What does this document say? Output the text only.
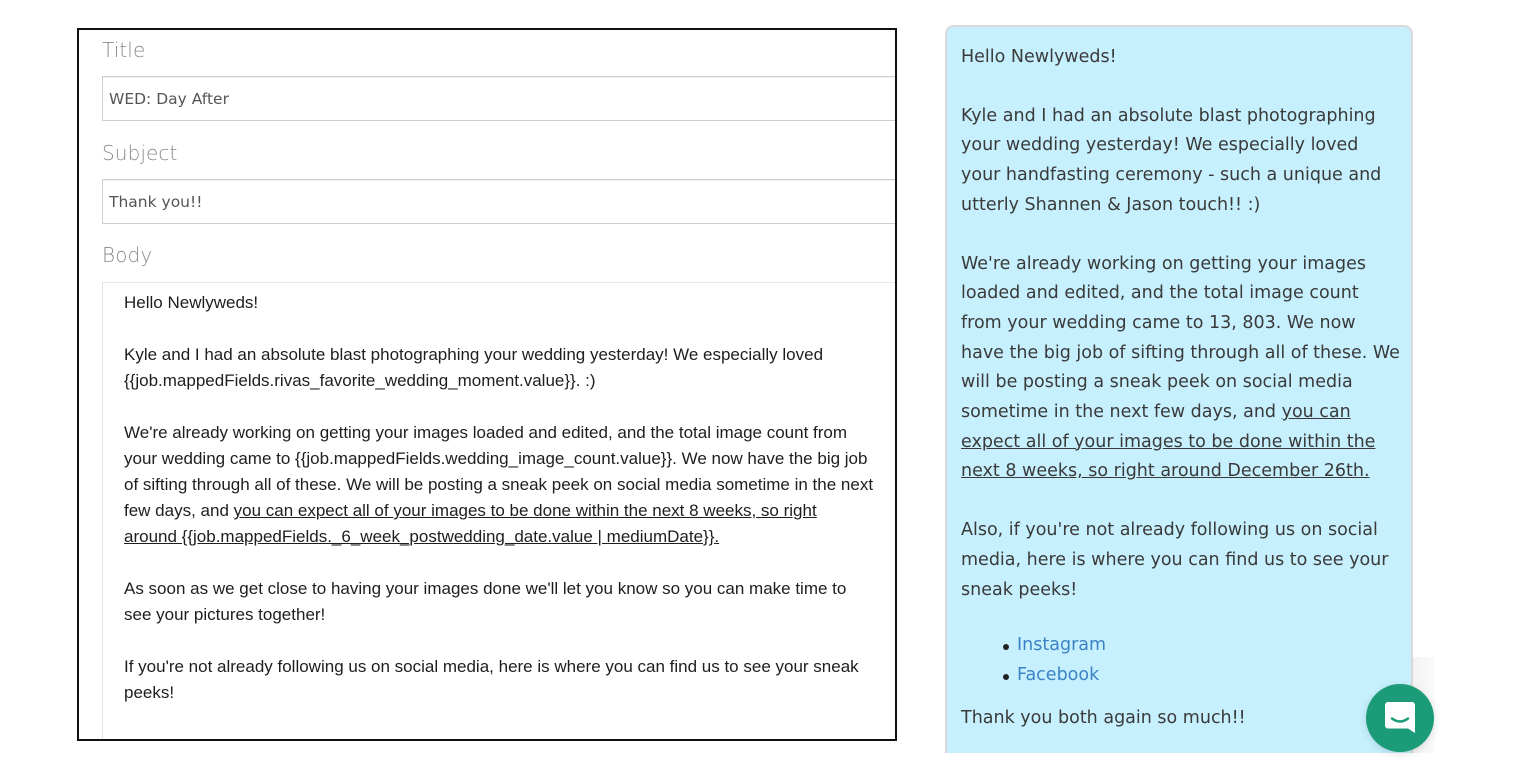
Title
WED: Day After
Subject
Thank you!!
Body

Hello Newlyweds!

Kyle and I had an absolute blast photographing your wedding yesterday! We especially loved {{job.mappedFields.rivas_favorite_wedding_moment.value}}. :)

We're already working on getting your images loaded and edited, and the total image count from your wedding came to {{job.mappedFields.wedding_image_count.value}}. We now have the big job of sifting through all of these. We will be posting a sneak peek on social media sometime in the next few days, and you can expect all of your images to be done within the next 8 weeks, so right around {{job.mappedFields._6_week_postwedding_date.value | mediumDate}}.

As soon as we get close to having your images done we'll let you know so you can make time to see your pictures together!

If you're not already following us on social media, here is where you can find us to see your sneak peeks!

Hello Newlyweds!

Kyle and I had an absolute blast photographing your wedding yesterday! We especially loved your handfasting ceremony - such a unique and utterly Shannen & Jason touch!! :)

We're already working on getting your images loaded and edited, and the total image count from your wedding came to 13, 803. We now have the big job of sifting through all of these. We will be posting a sneak peek on social media sometime in the next few days, and you can expect all of your images to be done within the next 8 weeks, so right around December 26th.

Also, if you're not already following us on social media, here is where you can find us to see your sneak peeks!

Instagram
Facebook

Thank you both again so much!!
